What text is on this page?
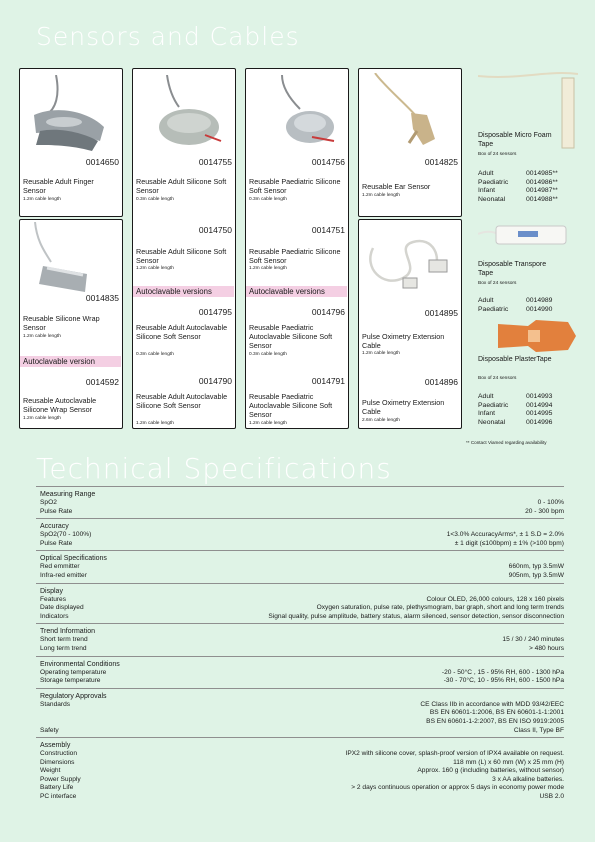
Sensors and Cables
0014650
Reusable Adult Finger Sensor
1.2m cable length
0014835
Reusable Silicone Wrap Sensor
1.2m cable length
Autoclavable version
0014592
Reusable Autoclavable Silicone Wrap Sensor
1.2m cable length
0014755
Reusable Adult Silicone Soft Sensor
0.3m cable length
0014750
Reusable Adult Silicone Soft Sensor
1.2m cable length
Autoclavable versions
0014795
Reusable Adult Autoclavable Silicone Soft Sensor
0.3m cable length
0014790
Reusable Adult Autoclavable Silicone Soft Sensor
1.2m cable length
0014756
Reusable Paediatric Silicone Soft Sensor
0.3m cable length
0014751
Reusable Paediatric Silicone Soft Sensor
1.2m cable length
Autoclavable versions
0014796
Reusable Paediatric Autoclavable Silicone Soft Sensor
0.3m cable length
0014791
Reusable Paediatric Autoclavable Silicone Soft Sensor
1.2m cable length
0014825
Reusable Ear Sensor
1.2m cable length
0014895
Pulse Oximetry Extension Cable
1.2m cable length
0014896
Pulse Oximetry Extension Cable
2.6m cable length
Disposable Micro Foam Tape
Box of 24 sensors
Adult	0014985**
Paediatric	0014986**
Infant	0014987**
Neonatal	0014988**
Disposable Transpore Tape
Box of 24 sensors
Adult	0014989
Paediatric	0014990
Disposable PlasterTape
Box of 24 sensors
Adult	0014993
Paediatric	0014994
Infant	0014995
Neonatal	0014996
** Contact Viamed regarding availability
Technical Specifications
Measuring Range
SpO2	0 - 100%
Pulse Rate	20 - 300 bpm
Accuracy
SpO2(70 - 100%)	1<3.0% AccuracyArms*, ± 1 S.D = 2.0%
Pulse Rate	± 1 digit (≤100bpm) ± 1% (>100 bpm)
Optical Specifications
Red emmitter	660nm, typ 3.5mW
Infra-red emitter	905nm, typ 3.5mW
Display
Features	Colour OLED, 26,000 colours, 128 x 160 pixels
Date displayed	Oxygen saturation, pulse rate, plethysmogram, bar graph, short and long term trends
Indicators	Signal quality, pulse amplitude, battery status, alarm silenced, sensor detection, sensor disconnection
Trend Information
Short term trend	15 / 30 / 240 minutes
Long term trend	> 480 hours
Environmental Conditions
Operating temperature	-20 - 50°C , 15 - 95% RH, 600 - 1300 hPa
Storage temperature	-30 - 70°C, 10 - 95% RH, 600 - 1500 hPa
Regulatory Approvals
Standards	CE Class IIb in accordance with MDD 93/42/EEC
BS EN 60601-1:2006, BS EN 60601-1-1:2001
BS EN 60601-1-2:2007, BS EN ISO 9919:2005
Safety	Class II, Type BF
Assembly
Construction	IPX2 with silicone cover, splash-proof version of IPX4 available on request.
Dimensions	118 mm (L) x 60 mm (W) x 25 mm (H)
Weight	Approx. 160 g (including batteries, without sensor)
Power Supply	3 x AA alkaline batteries.
Battery Life	> 2 days continuous operation or approx 5 days in economy power mode
PC interface	USB 2.0
